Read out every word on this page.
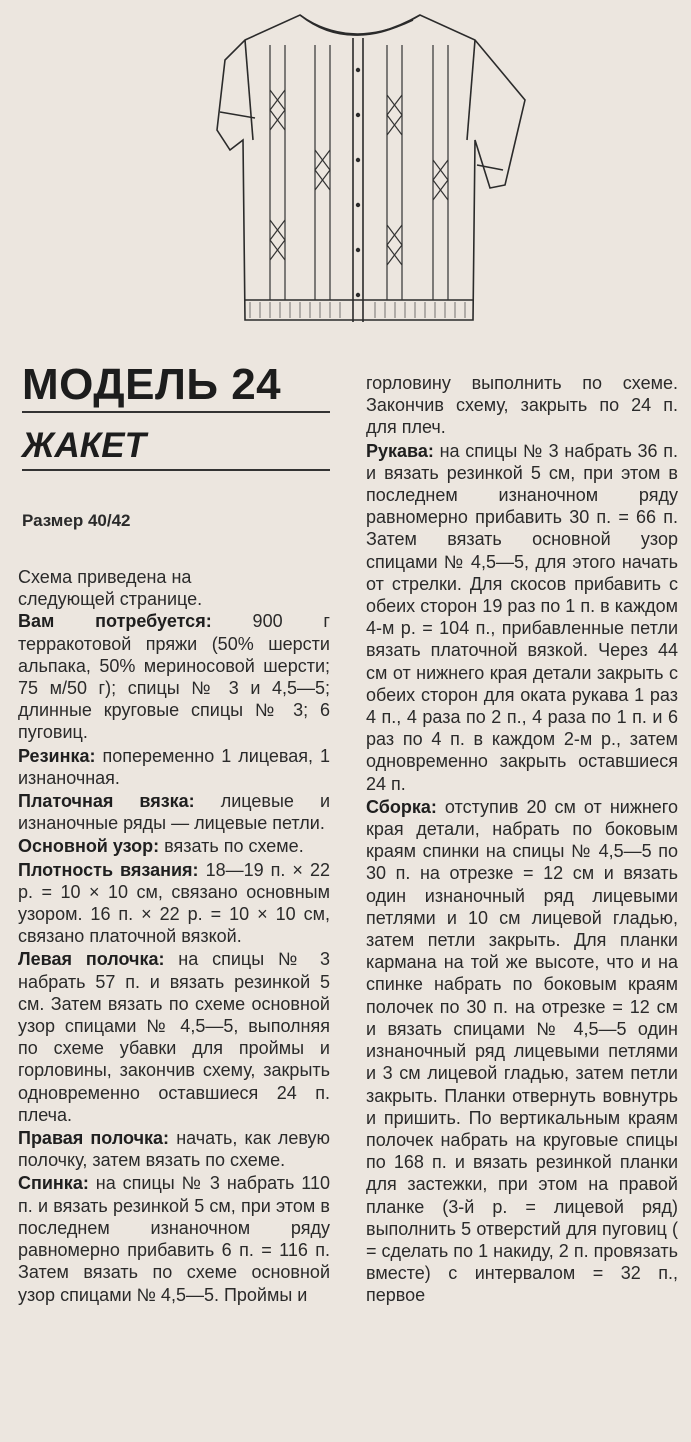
МОДЕЛЬ 24
ЖАКЕТ
Размер 40/42

Схема приведена на следующей странице.

Вам потребуется: 900 г терракотовой пряжи (50% шерсти альпака, 50% мериносовой шерсти; 75 м/50 г); спицы № 3 и 4,5—5; длинные круговые спицы № 3; 6 пуговиц.

Резинка: попеременно 1 лицевая, 1 изнаночная.

Платочная вязка: лицевые и изнаночные ряды — лицевые петли.

Основной узор: вязать по схеме.

Плотность вязания: 18—19 п. × 22 р. = 10 × 10 см, связано основным узором. 16 п. × 22 р. = 10 × 10 см, связано платочной вязкой.

Левая полочка: на спицы № 3 набрать 57 п. и вязать резинкой 5 см. Затем вязать по схеме основной узор спицами № 4,5—5, выполняя по схеме убавки для проймы и горловины, закончив схему, закрыть одновременно оставшиеся 24 п. плеча.

Правая полочка: начать, как левую полочку, затем вязать по схеме.

Спинка: на спицы № 3 набрать 110 п. и вязать резинкой 5 см, при этом в последнем изнаночном ряду равномерно прибавить 6 п. = 116 п. Затем вязать по схеме основной узор спицами № 4,5—5. Проймы и

горловину выполнить по схеме. Закончив схему, закрыть по 24 п. для плеч.

Рукава: на спицы № 3 набрать 36 п. и вязать резинкой 5 см, при этом в последнем изнаночном ряду равномерно прибавить 30 п. = 66 п. Затем вязать основной узор спицами № 4,5—5, для этого начать от стрелки. Для скосов прибавить с обеих сторон 19 раз по 1 п. в каждом 4-м р. = 104 п., прибавленные петли вязать платочной вязкой. Через 44 см от нижнего края детали закрыть с обеих сторон для оката рукава 1 раз 4 п., 4 раза по 2 п., 4 раза по 1 п. и 6 раз по 4 п. в каждом 2-м р., затем одновременно закрыть оставшиеся 24 п.

Сборка: отступив 20 см от нижнего края детали, набрать по боковым краям спинки на спицы № 4,5—5 по 30 п. на отрезке = 12 см и вязать один изнаночный ряд лицевыми петлями и 10 см лицевой гладью, затем петли закрыть. Для планки кармана на той же высоте, что и на спинке набрать по боковым краям полочек по 30 п. на отрезке = 12 см и вязать спицами № 4,5—5 один изнаночный ряд лицевыми петлями и 3 см лицевой гладью, затем петли закрыть. Планки отвернуть вовнутрь и пришить. По вертикальным краям полочек набрать на круговые спицы по 168 п. и вязать резинкой планки для застежки, при этом на правой планке (3-й р. = лицевой ряд) выполнить 5 отверстий для пуговиц ( = сделать по 1 накиду, 2 п. провязать вместе) с интервалом = 32 п., первое
